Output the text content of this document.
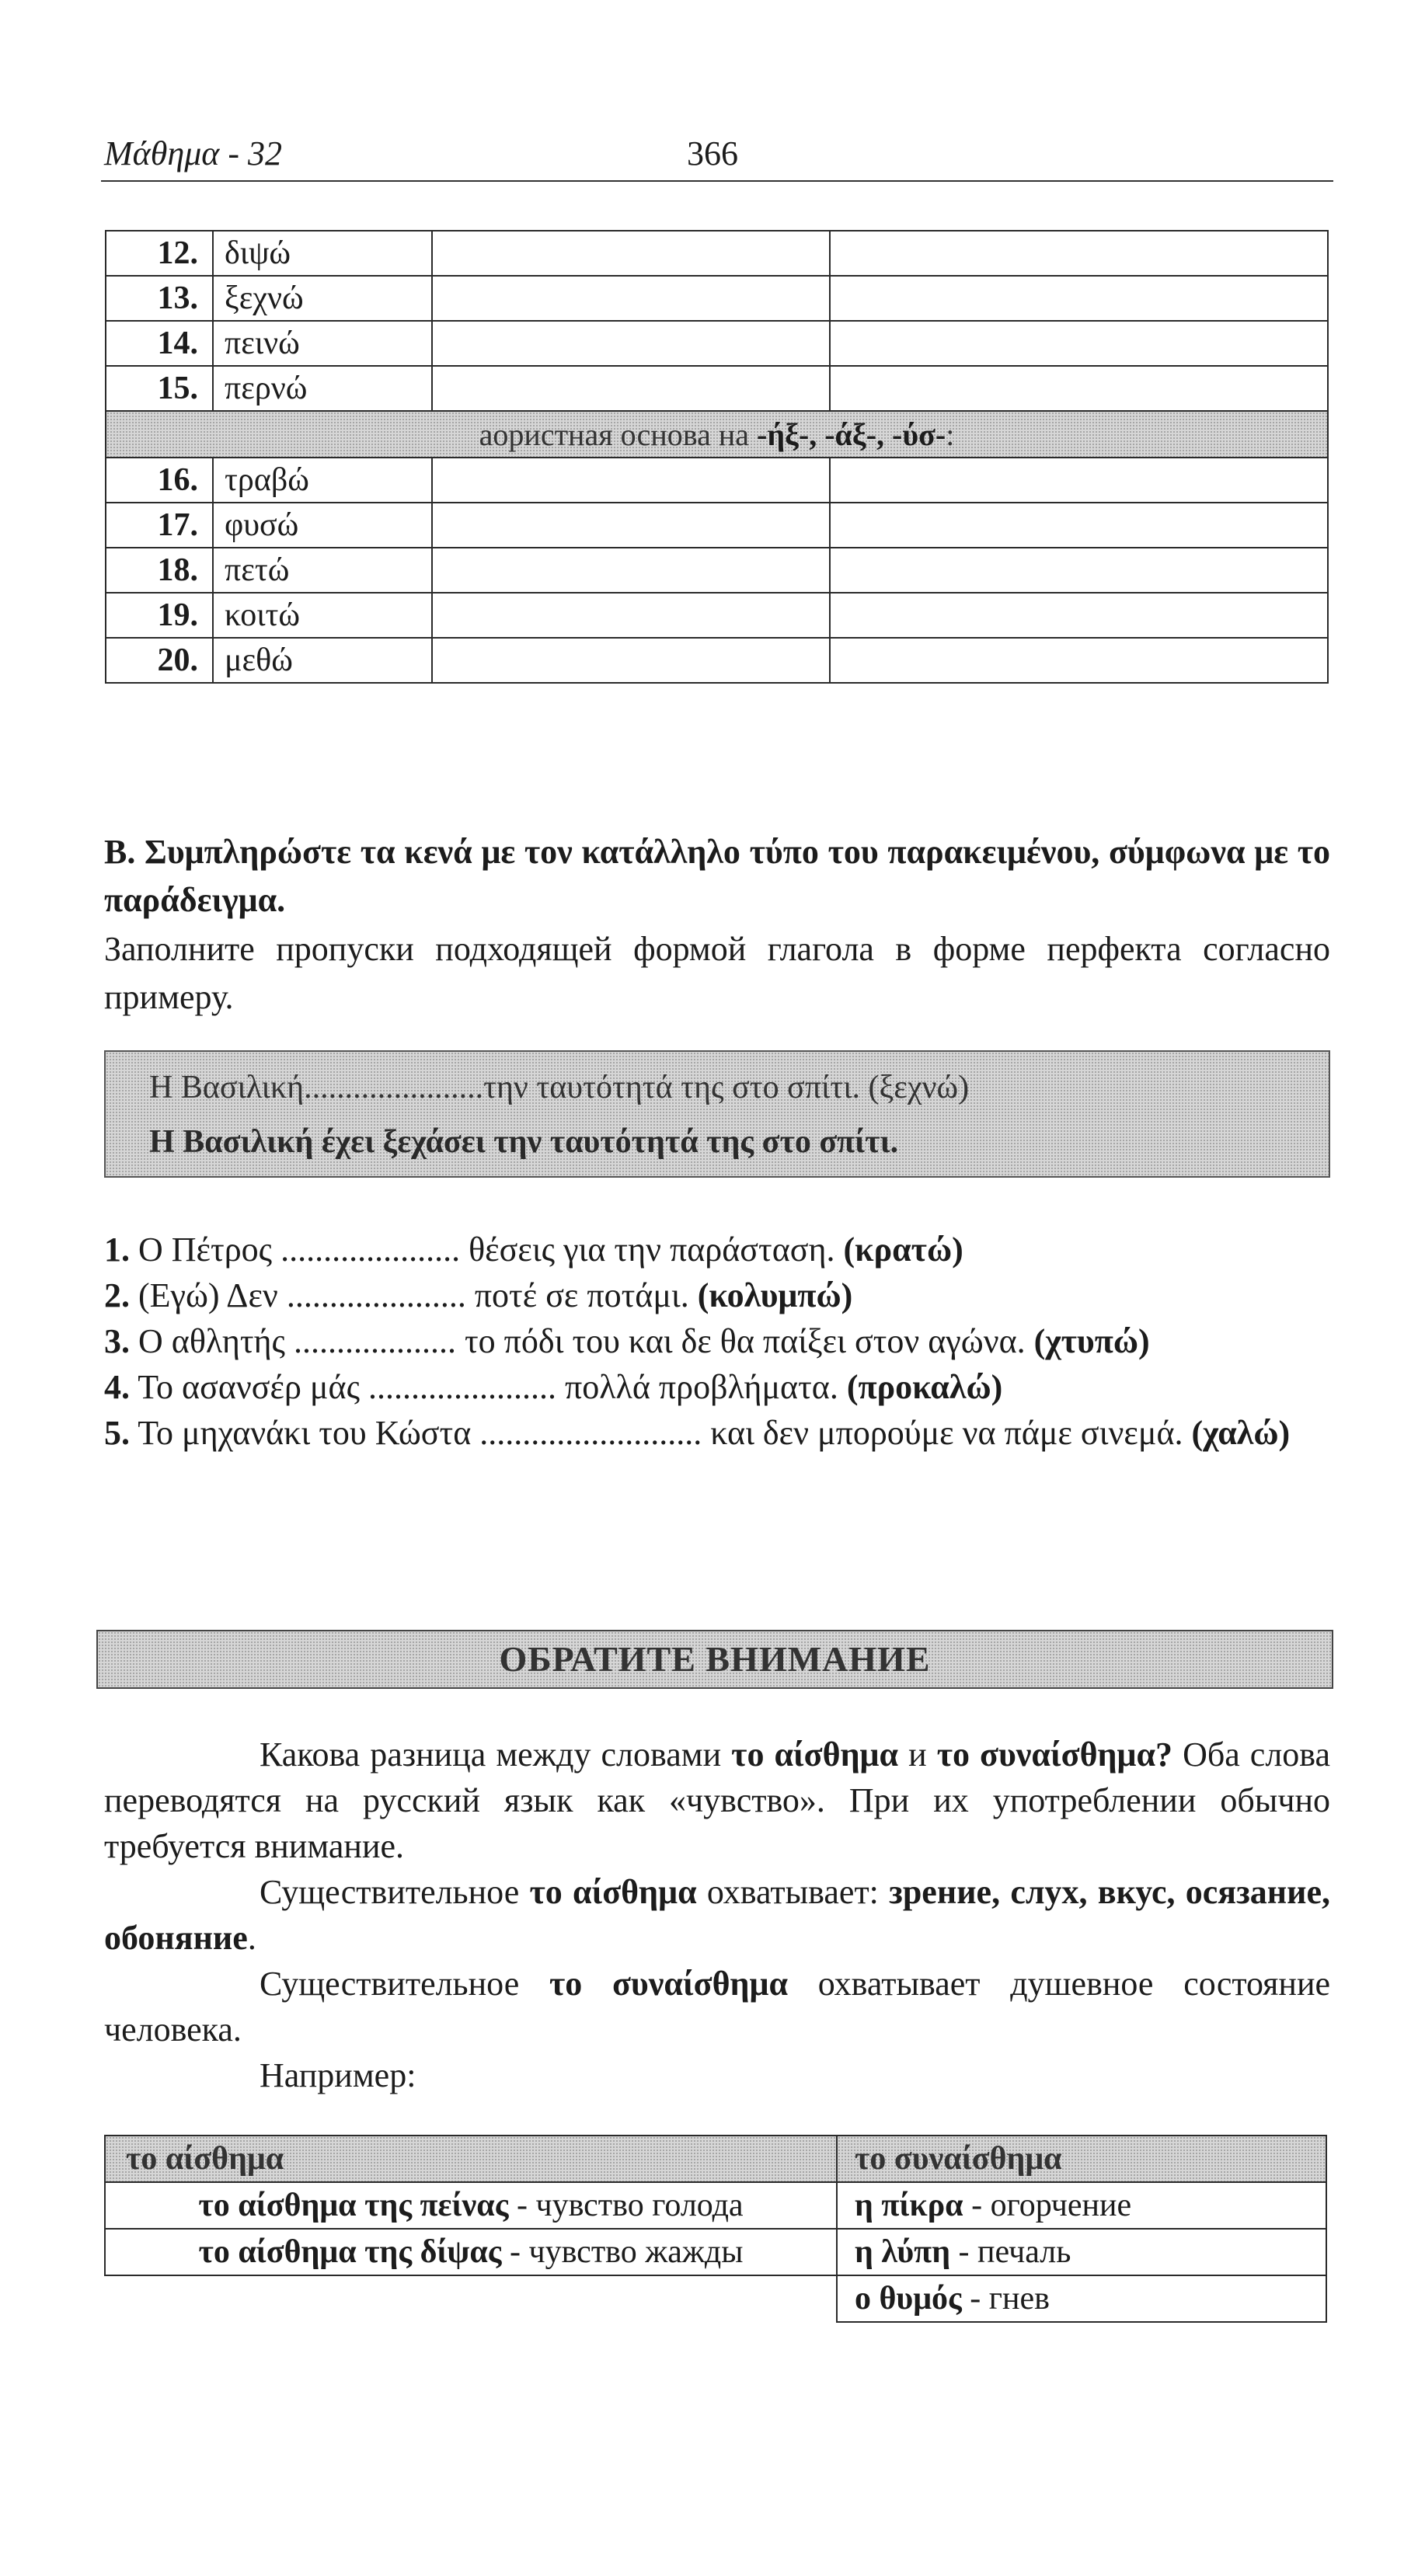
Μάθημα - 32	366
12.	διψώ		
13.	ξεχνώ		
14.	πεινώ		
15.	περνώ		
аористная основа на -ήξ-, -άξ-, -ύσ-:			
16.	τραβώ		
17.	φυσώ		
18.	πετώ		
19.	κοιτώ		
20.	μεθώ		
Β. Συμπληρώστε τα κενά με τον κατάλληλο τύπο του παρακειμένου, σύμφωνα με το παράδειγμα.
Заполните пропуски подходящей формой глагола в форме перфекта согласно примеру.
Η Βασιλική......................την ταυτότητά της στο σπίτι. (ξεχνώ)
Η Βασιλική έχει ξεχάσει την ταυτότητά της στο σπίτι.
1. Ο Πέτρος ..................... θέσεις για την παράσταση. (κρατώ)
2. (Εγώ) Δεν ..................... ποτέ σε ποτάμι. (κολυμπώ)
3. Ο αθλητής ................... το πόδι του και δε θα παίξει στον αγώνα. (χτυπώ)
4. Το ασανσέρ μάς ...................... πολλά προβλήματα. (προκαλώ)
5. Το μηχανάκι του Κώστα .......................... και δεν μπορούμε να πάμε σινεμά. (χαλώ)
ОБРАТИТЕ ВНИМАНИЕ

Какова разница между словами το αίσθημα и το συναίσθημα? Оба слова переводятся на русский язык как «чувство». При их употреблении обычно требуется внимание.

Существительное το αίσθημα охватывает: зрение, слух, вкус, осязание, обоняние.

Существительное το συναίσθημα охватывает душевное состояние человека.

Например:

το αίσθημα	το συναίσθημα
το αίσθημα της πείνας - чувство голода	η πίκρα - огорчение
το αίσθημα της δίψας - чувство жажды	η λύπη - печаль
	ο θυμός - гнев
